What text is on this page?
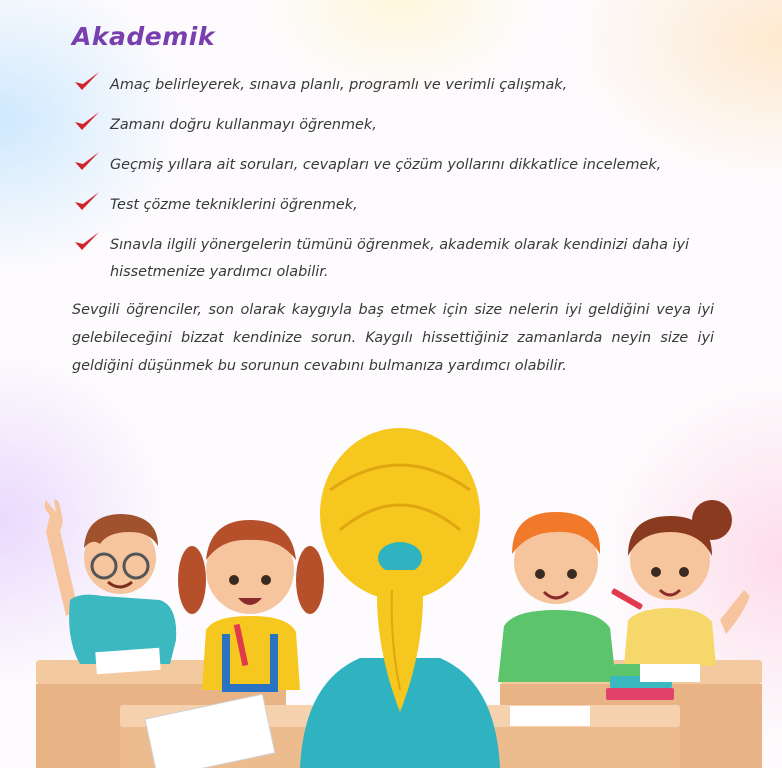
Akademik
Amaç belirleyerek, sınava planlı, programlı ve verimli çalışmak,
Zamanı doğru kullanmayı öğrenmek,
Geçmiş yıllara ait soruları, cevapları ve çözüm yollarını dikkatlice incelemek,
Test çözme tekniklerini öğrenmek,
Sınavla ilgili yönergelerin tümünü öğrenmek, akademik olarak kendinizi daha iyi hissetmenize yardımcı olabilir.

Sevgili öğrenciler, son olarak kaygıyla baş etmek için size nelerin iyi geldiğini veya iyi gelebileceğini bizzat kendinize sorun. Kaygılı hissettiğiniz zamanlarda neyin size iyi geldiğini düşünmek bu sorunun cevabını bulmanıza yardımcı olabilir.
